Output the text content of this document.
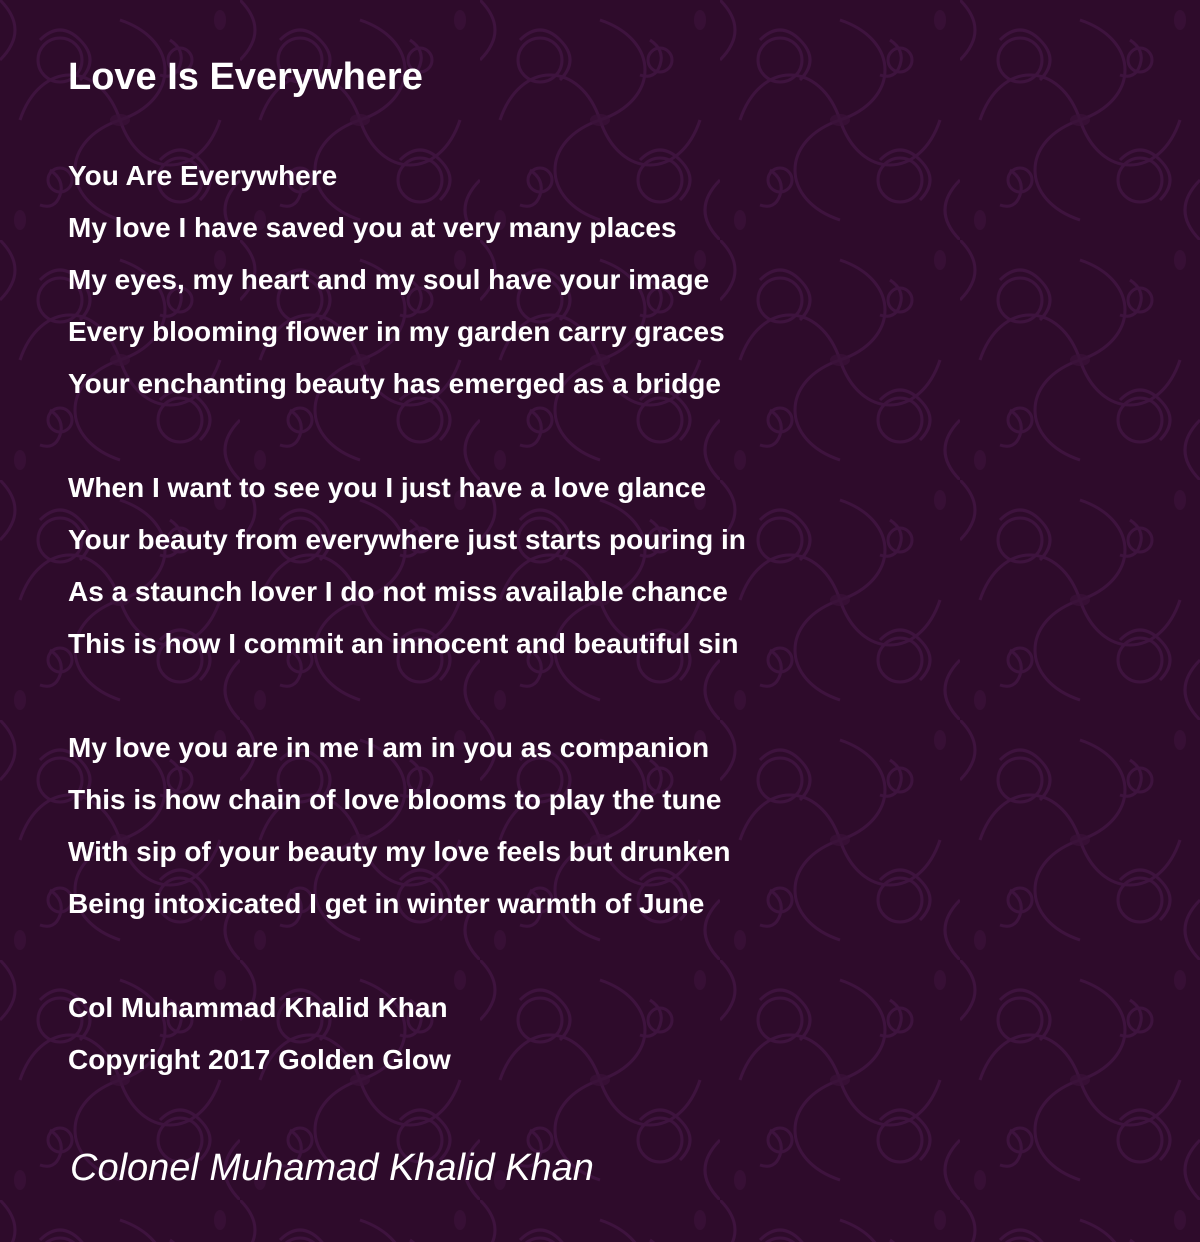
Love Is Everywhere
You Are Everywhere
My love I have saved you at very many places
My eyes, my heart and my soul have your image
Every blooming flower in my garden carry graces
Your enchanting beauty has emerged as a bridge
When I want to see you I just have a love glance
Your beauty from everywhere just starts pouring in
As a staunch lover I do not miss available chance
This is how I commit an innocent and beautiful sin
My love you are in me I am in you as companion
This is how chain of love blooms to play the tune
With sip of your beauty my love feels but drunken
Being intoxicated I get in winter warmth of June
Col Muhammad Khalid Khan
Copyright 2017 Golden Glow
Colonel Muhamad Khalid Khan
